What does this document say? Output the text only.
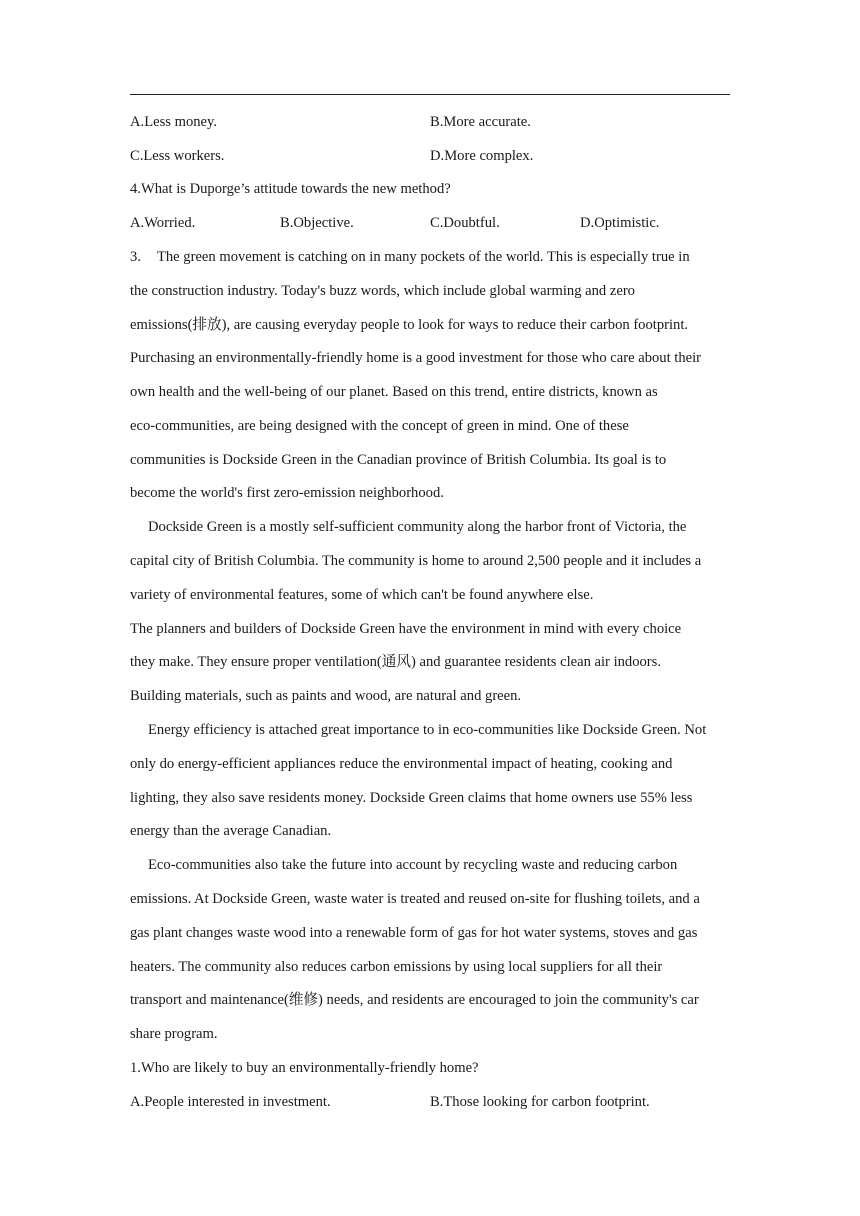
A.Less money.	B.More accurate.
C.Less workers.	D.More complex.
4.What is Duporge’s attitude towards the new method?
A.Worried.	B.Objective.	C.Doubtful.	D.Optimistic.
3. The green movement is catching on in many pockets of the world. This is especially true in
the construction industry. Today's buzz words, which include global warming and zero
emissions(排放), are causing everyday people to look for ways to reduce their carbon footprint.
Purchasing an environmentally-friendly home is a good investment for those who care about their
own health and the well-being of our planet. Based on this trend, entire districts, known as
eco-communities, are being designed with the concept of green in mind. One of these
communities is Dockside Green in the Canadian province of British Columbia. Its goal is to
become the world's first zero-emission neighborhood.
Dockside Green is a mostly self-sufficient community along the harbor front of Victoria, the
capital city of British Columbia. The community is home to around 2,500 people and it includes a
variety of environmental features, some of which can't be found anywhere else.
The planners and builders of Dockside Green have the environment in mind with every choice
they make. They ensure proper ventilation(通风) and guarantee residents clean air indoors.
Building materials, such as paints and wood, are natural and green.
Energy efficiency is attached great importance to in eco-communities like Dockside Green. Not
only do energy-efficient appliances reduce the environmental impact of heating, cooking and
lighting, they also save residents money. Dockside Green claims that home owners use 55% less
energy than the average Canadian.
Eco-communities also take the future into account by recycling waste and reducing carbon
emissions. At Dockside Green, waste water is treated and reused on-site for flushing toilets, and a
gas plant changes waste wood into a renewable form of gas for hot water systems, stoves and gas
heaters. The community also reduces carbon emissions by using local suppliers for all their
transport and maintenance(维修) needs, and residents are encouraged to join the community's car
share program.
1.Who are likely to buy an environmentally-friendly home?
A.People interested in investment.	B.Those looking for carbon footprint.
